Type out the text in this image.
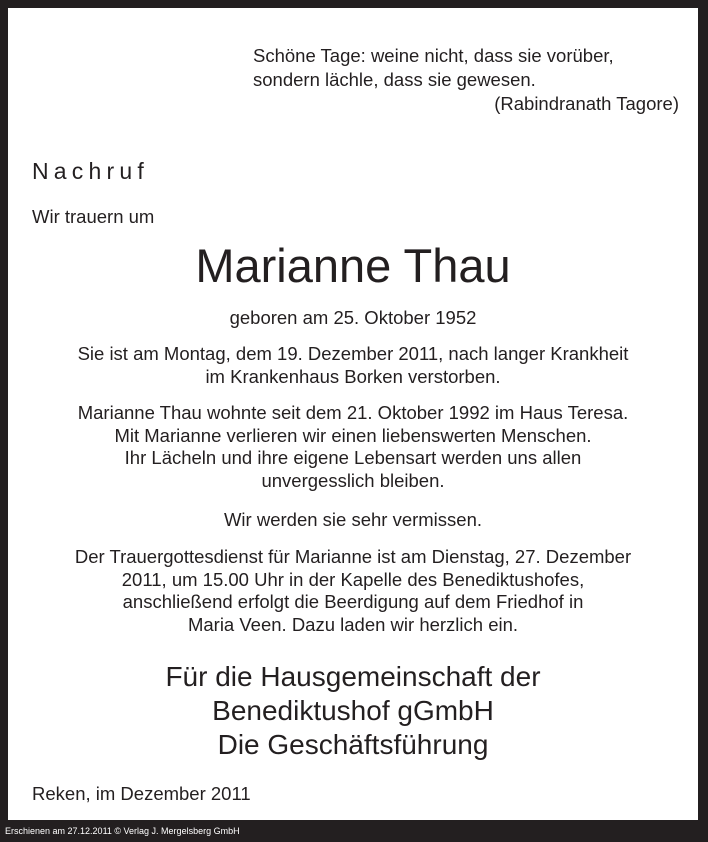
Schöne Tage: weine nicht, dass sie vorüber,
sondern lächle, dass sie gewesen.
(Rabindranath Tagore)
Nachruf
Wir trauern um
Marianne Thau
geboren am 25. Oktober 1952
Sie ist am Montag, dem 19. Dezember 2011, nach langer Krankheit
im Krankenhaus Borken verstorben.
Marianne Thau wohnte seit dem 21. Oktober 1992 im Haus Teresa.
Mit Marianne verlieren wir einen liebenswerten Menschen.
Ihr Lächeln und ihre eigene Lebensart werden uns allen
unvergesslich bleiben.
Wir werden sie sehr vermissen.
Der Trauergottesdienst für Marianne ist am Dienstag, 27. Dezember
2011, um 15.00 Uhr in der Kapelle des Benediktushofes,
anschließend erfolgt die Beerdigung auf dem Friedhof in
Maria Veen. Dazu laden wir herzlich ein.
Für die Hausgemeinschaft der
Benediktushof gGmbH
Die Geschäftsführung
Reken, im Dezember 2011
Erschienen am 27.12.2011 © Verlag J. Mergelsberg GmbH
